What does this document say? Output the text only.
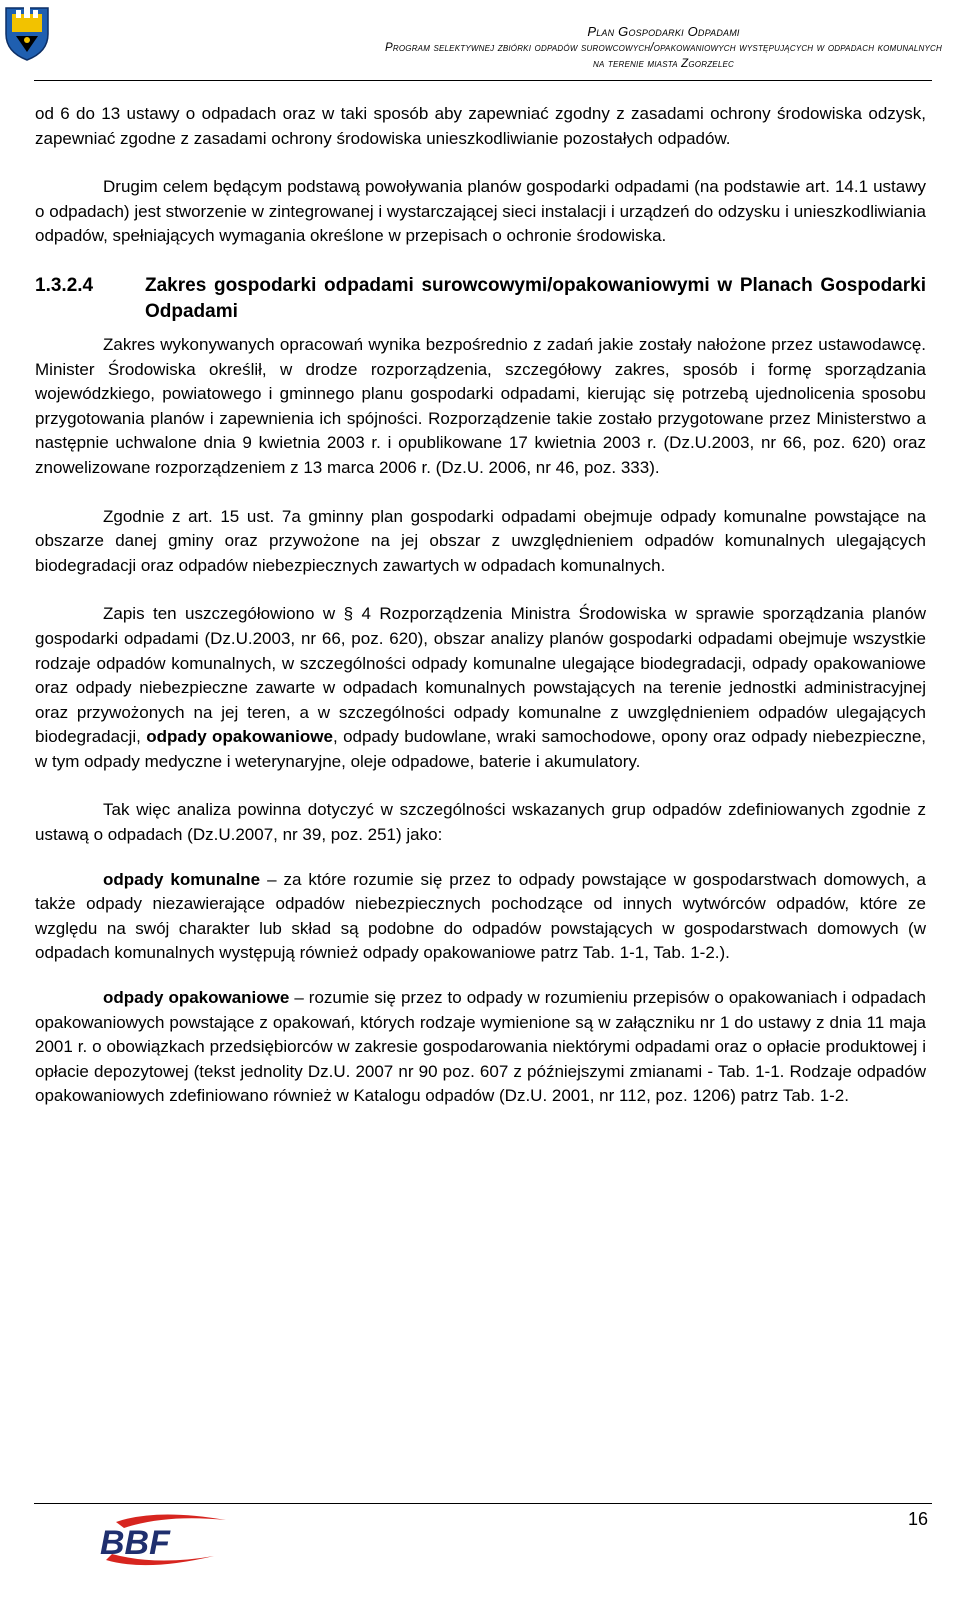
Plan Gospodarki Odpadami
Program selektywnej zbiórki odpadów surowcowych/opakowaniowych występujących w odpadach komunalnych
na terenie miasta Zgorzelec

od 6 do 13 ustawy o odpadach oraz w taki sposób aby zapewniać zgodny z zasadami ochrony środowiska odzysk, zapewniać zgodne z zasadami ochrony środowiska unieszkodliwianie pozostałych odpadów.

Drugim celem będącym podstawą powoływania planów gospodarki odpadami (na podstawie art. 14.1 ustawy o odpadach) jest stworzenie w zintegrowanej i wystarczającej sieci instalacji i urządzeń do odzysku i unieszkodliwiania odpadów, spełniających wymagania określone w przepisach o ochronie środowiska.

1.3.2.4	Zakres gospodarki odpadami surowcowymi/opakowaniowymi w Planach Gospodarki Odpadami

Zakres wykonywanych opracowań wynika bezpośrednio z zadań jakie zostały nałożone przez ustawodawcę. Minister Środowiska określił, w drodze rozporządzenia, szczegółowy zakres, sposób i formę sporządzania wojewódzkiego, powiatowego i gminnego planu gospodarki odpadami, kierując się potrzebą ujednolicenia sposobu przygotowania planów i zapewnienia ich spójności. Rozporządzenie takie zostało przygotowane przez Ministerstwo a następnie uchwalone dnia 9 kwietnia 2003 r. i opublikowane 17 kwietnia 2003 r. (Dz.U.2003, nr 66, poz. 620) oraz znowelizowane rozporządzeniem z 13 marca 2006 r. (Dz.U. 2006, nr 46, poz. 333).

Zgodnie z art. 15 ust. 7a gminny plan gospodarki odpadami obejmuje odpady komunalne powstające na obszarze danej gminy oraz przywożone na jej obszar z uwzględnieniem odpadów komunalnych ulegających biodegradacji oraz odpadów niebezpiecznych zawartych w odpadach komunalnych.

Zapis ten uszczegółowiono w § 4 Rozporządzenia Ministra Środowiska w sprawie sporządzania planów gospodarki odpadami (Dz.U.2003, nr 66, poz. 620), obszar analizy planów gospodarki odpadami obejmuje wszystkie rodzaje odpadów komunalnych, w szczególności odpady komunalne ulegające biodegradacji, odpady opakowaniowe oraz odpady niebezpieczne zawarte w odpadach komunalnych powstających na terenie jednostki administracyjnej oraz przywożonych na jej teren, a w szczególności odpady komunalne z uwzględnieniem odpadów ulegających biodegradacji, odpady opakowaniowe, odpady budowlane, wraki samochodowe, opony oraz odpady niebezpieczne, w tym odpady medyczne i weterynaryjne, oleje odpadowe, baterie i akumulatory.

Tak więc analiza powinna dotyczyć w szczególności wskazanych grup odpadów zdefiniowanych zgodnie z ustawą o odpadach (Dz.U.2007, nr 39, poz. 251) jako:

odpady komunalne – za które rozumie się przez to odpady powstające w gospodarstwach domowych, a także odpady niezawierające odpadów niebezpiecznych pochodzące od innych wytwórców odpadów, które ze względu na swój charakter lub skład są podobne do odpadów powstających w gospodarstwach domowych (w odpadach komunalnych występują również odpady opakowaniowe patrz Tab. 1-1, Tab. 1-2.).

odpady opakowaniowe – rozumie się przez to odpady w rozumieniu przepisów o opakowaniach i odpadach opakowaniowych powstające z opakowań, których rodzaje wymienione są w załączniku nr 1 do ustawy z dnia 11 maja 2001 r. o obowiązkach przedsiębiorców w zakresie gospodarowania niektórymi odpadami oraz o opłacie produktowej i opłacie depozytowej (tekst jednolity Dz.U. 2007 nr 90 poz. 607 z późniejszymi zmianami - Tab. 1-1. Rodzaje odpadów opakowaniowych zdefiniowano również w Katalogu odpadów (Dz.U. 2001, nr 112, poz. 1206) patrz Tab. 1-2.

16
BBF
